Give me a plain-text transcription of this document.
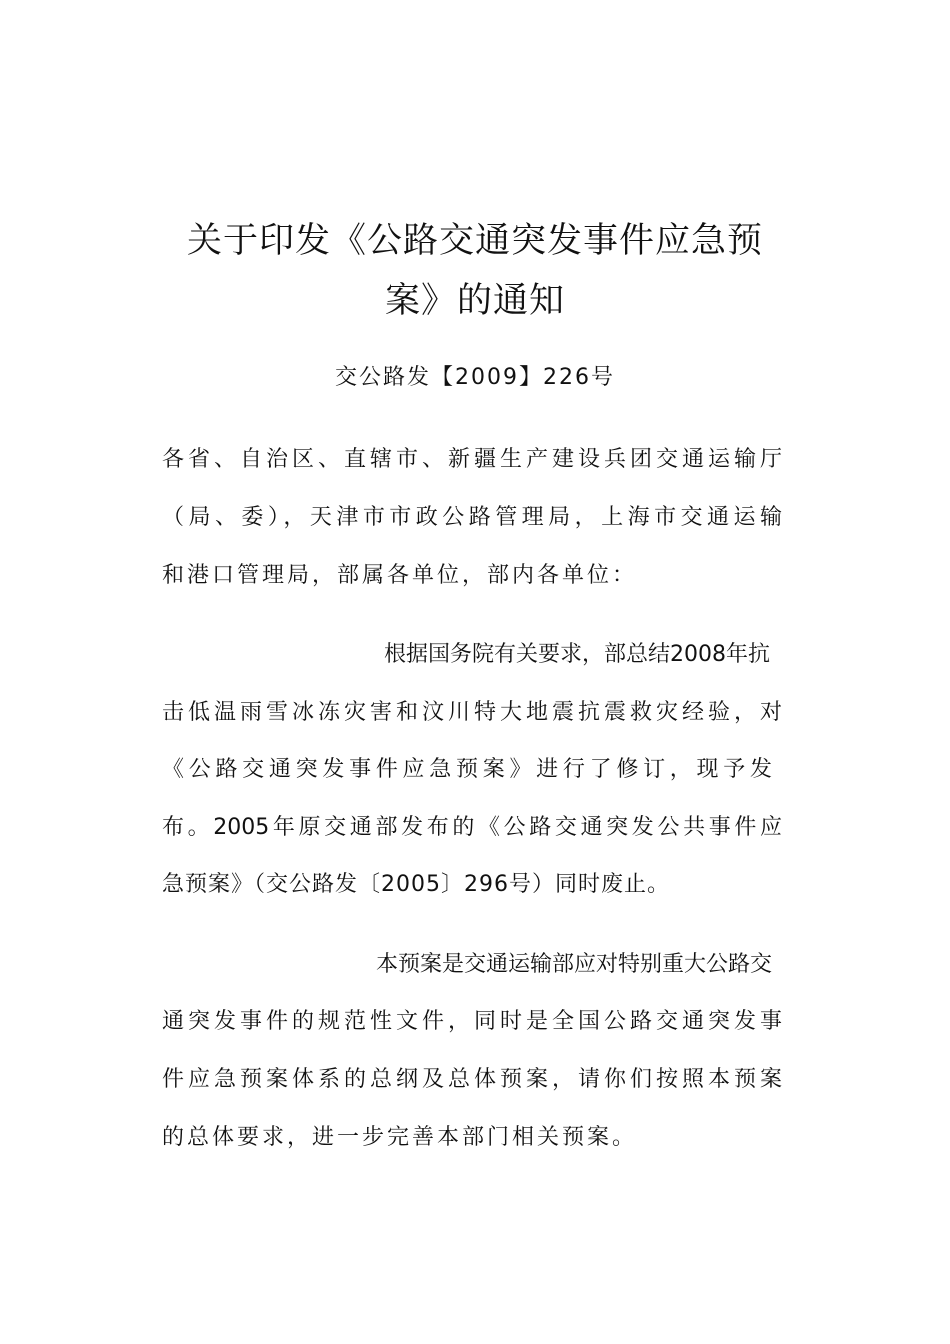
关于印发《公路交通突发事件应急预
案》的通知
交公路发【2009】226号
各省、自治区、直辖市、新疆生产建设兵团交通运输厅
（局、委），天津市市政公路管理局，上海市交通运输
和港口管理局，部属各单位，部内各单位：
根据国务院有关要求，部总结2008年抗
击低温雨雪冰冻灾害和汶川特大地震抗震救灾经验，对
《公路交通突发事件应急预案》进行了修订，现予发
布。2005年原交通部发布的《公路交通突发公共事件应
急预案》（交公路发〔2005〕296号）同时废止。
本预案是交通运输部应对特别重大公路交
通突发事件的规范性文件，同时是全国公路交通突发事
件应急预案体系的总纲及总体预案，请你们按照本预案
的总体要求，进一步完善本部门相关预案。
